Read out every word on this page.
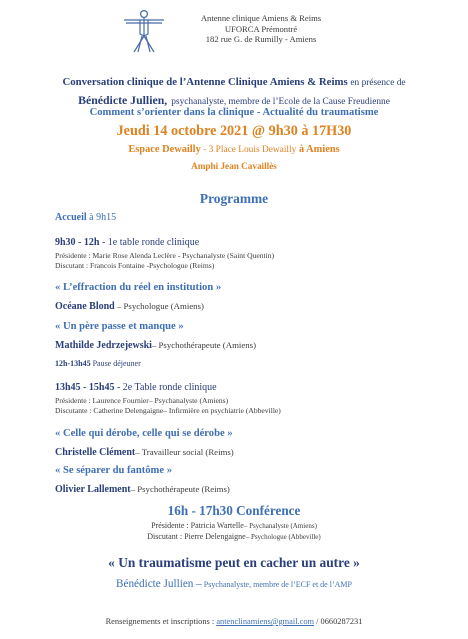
Antenne clinique Amiens & Reims
UFORCA Prémontré
182 rue G. de Rumilly - Amiens
Conversation clinique de l’Antenne Clinique Amiens & Reims en présence de
Bénédicte Jullien, psychanalyste, membre de l’Ecole de la Cause Freudienne
Comment s’orienter dans la clinique - Actualité du traumatisme
Jeudi 14 octobre 2021 @ 9h30 à 17H30
Espace Dewailly - 3 Place Louis Dewailly à Amiens
Amphi Jean Cavaillès
Programme
Accueil à 9h15
9h30 - 12h - 1e table ronde clinique
Présidente : Marie Rose Alenda Leclère - Psychanalyste (Saint Quentin)
Discutant : Francois Fontaine -Psychologue (Reims)
« L’effraction du réel en institution »
Océane Blond – Psychologue (Amiens)
« Un père passe et manque »
Mathilde Jedrzejewski– Psychothérapeute (Amiens)
12h-13h45 Pause déjeuner
13h45 - 15h45 - 2e Table ronde clinique
Présidente : Laurence Fournier– Psychanalyste (Amiens)
Discutante : Catherine Delengaigne– Infirmière en psychiatrie (Abbeville)
« Celle qui dérobe, celle qui se dérobe »
Christelle Clément– Travailleur social (Reims)
« Se séparer du fantôme »
Olivier Lallement– Psychothérapeute (Reims)
16h - 17h30 Conférence
Présidente : Patricia Wartelle– Psychanalyste (Amiens)
Discutant : Pierre Delengaigne– Psychologue (Abbeville)
« Un traumatisme peut en cacher un autre »
Bénédicte Jullien – Psychanalyste, membre de l’ECF et de l’AMP
Renseignements et inscriptions : antenclinamiens@gmail.com / 0660287231
